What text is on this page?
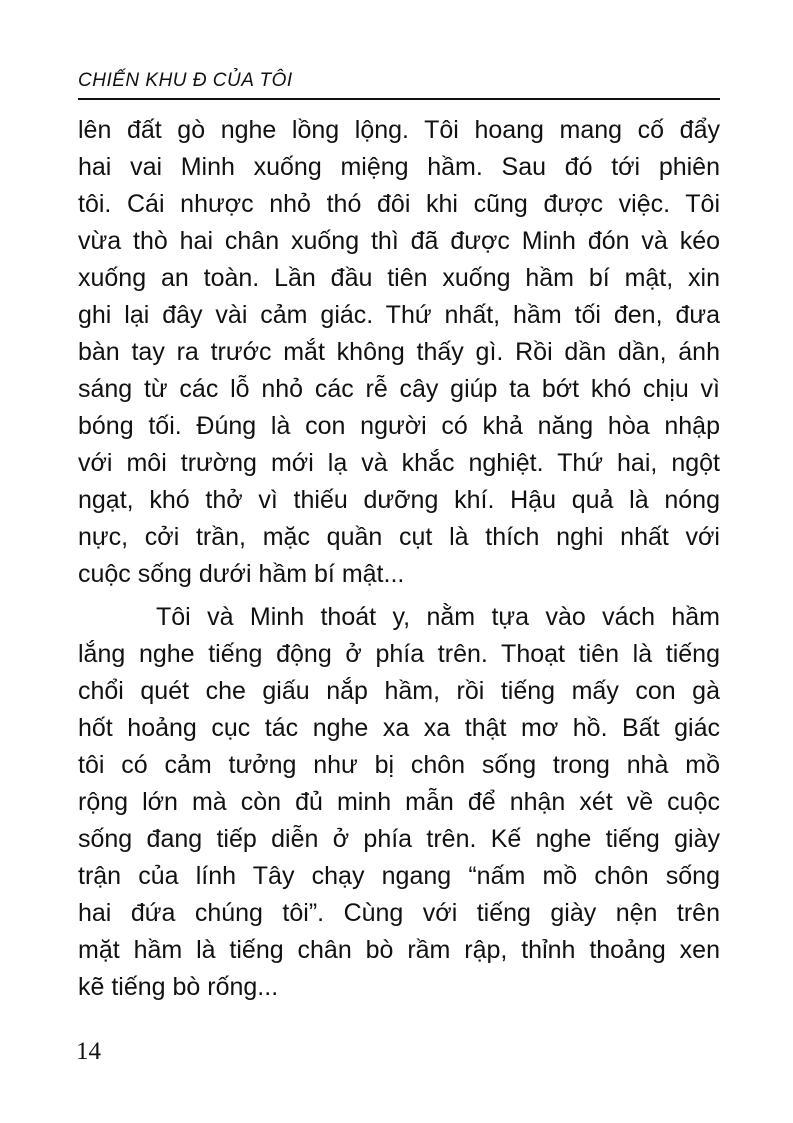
CHIẾN KHU Đ CỦA TÔI
lên đất gò nghe lồng lộng. Tôi hoang mang cố đẩy
hai vai Minh xuống miệng hầm. Sau đó tới phiên
tôi. Cái nhược nhỏ thó đôi khi cũng được việc. Tôi
vừa thò hai chân xuống thì đã được Minh đón và kéo
xuống an toàn. Lần đầu tiên xuống hầm bí mật, xin
ghi lại đây vài cảm giác. Thứ nhất, hầm tối đen, đưa
bàn tay ra trước mắt không thấy gì. Rồi dần dần, ánh
sáng từ các lỗ nhỏ các rễ cây giúp ta bớt khó chịu vì
bóng tối. Đúng là con người có khả năng hòa nhập
với môi trường mới lạ và khắc nghiệt. Thứ hai, ngột
ngạt, khó thở vì thiếu dưỡng khí. Hậu quả là nóng
nực, cởi trần, mặc quần cụt là thích nghi nhất với
cuộc sống dưới hầm bí mật...
Tôi và Minh thoát y, nằm tựa vào vách hầm
lắng nghe tiếng động ở phía trên. Thoạt tiên là tiếng
chổi quét che giấu nắp hầm, rồi tiếng mấy con gà
hốt hoảng cục tác nghe xa xa thật mơ hồ. Bất giác
tôi có cảm tưởng như bị chôn sống trong nhà mồ
rộng lớn mà còn đủ minh mẫn để nhận xét về cuộc
sống đang tiếp diễn ở phía trên. Kế nghe tiếng giày
trận của lính Tây chạy ngang “nấm mồ chôn sống
hai đứa chúng tôi”. Cùng với tiếng giày nện trên
mặt hầm là tiếng chân bò rầm rập, thỉnh thoảng xen
kẽ tiếng bò rống...
14
